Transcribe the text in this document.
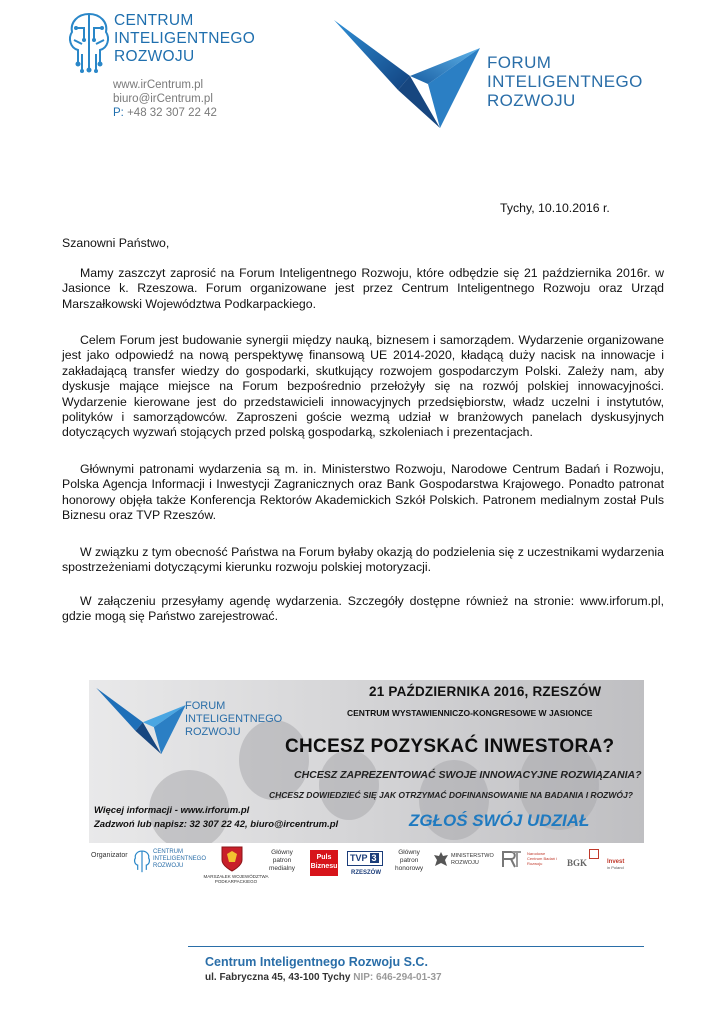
CENTRUM
INTELIGENTNEGO
ROZWOJU
www.irCentrum.pl
biuro@irCentrum.pl
P: +48 32 307 22 42
FORUM
INTELIGENTNEGO
ROZWOJU
Tychy, 10.10.2016 r.
Szanowni Państwo,
Mamy zaszczyt zaprosić na Forum Inteligentnego Rozwoju, które odbędzie się 21 października 2016r. w Jasionce k. Rzeszowa. Forum organizowane jest przez Centrum Inteligentnego Rozwoju oraz Urząd Marszałkowski Województwa Podkarpackiego.
Celem Forum jest budowanie synergii między nauką, biznesem i samorządem. Wydarzenie organizowane jest jako odpowiedź na nową perspektywę finansową UE 2014-2020, kładącą duży nacisk na innowacje i zakładającą transfer wiedzy do gospodarki, skutkujący rozwojem gospodarczym Polski. Zależy nam, aby dyskusje mające miejsce na Forum bezpośrednio przełożyły się na rozwój polskiej innowacyjności. Wydarzenie kierowane jest do przedstawicieli innowacyjnych przedsiębiorstw, władz uczelni i instytutów, polityków i samorządowców. Zaproszeni goście wezmą udział w branżowych panelach dyskusyjnych dotyczących wyzwań stojących przed polską gospodarką, szkoleniach i prezentacjach.
Głównymi patronami wydarzenia są m. in. Ministerstwo Rozwoju, Narodowe Centrum Badań i Rozwoju, Polska Agencja Informacji i Inwestycji Zagranicznych oraz Bank Gospodarstwa Krajowego. Ponadto patronat honorowy objęła także Konferencja Rektorów Akademickich Szkół Polskich. Patronem medialnym został Puls Biznesu oraz TVP Rzeszów.
W związku z tym obecność Państwa na Forum byłaby okazją do podzielenia się z uczestnikami wydarzenia spostrzeżeniami dotyczącymi kierunku rozwoju polskiej motoryzacji.
W załączeniu przesyłamy agendę wydarzenia. Szczegóły dostępne również na stronie: www.irforum.pl, gdzie mogą się Państwo zarejestrować.
FORUM
INTELIGENTNEGO
ROZWOJU
21 PAŹDZIERNIKA 2016, RZESZÓW
CENTRUM WYSTAWIENNICZO-KONGRESOWE W JASIONCE
CHCESZ POZYSKAĆ INWESTORA?
CHCESZ ZAPREZENTOWAĆ SWOJE INNOWACYJNE ROZWIĄZANIA?
CHCESZ DOWIEDZIEĆ SIĘ JAK OTRZYMAĆ DOFINANSOWANIE NA BADANIA I ROZWÓJ?
Więcej informacji - www.irforum.pl
Zadzwoń lub napisz: 32 307 22 42, biuro@ircentrum.pl	ZGŁOŚ SWÓJ UDZIAŁ
Organizator	CENTRUM
INTELIGENTNEGO
ROZWOJU
MARSZAŁEK WOJEWÓDZTWA PODKARPACKIEGO
Główny
patron
medialny
Puls
Biznesu
TVP 3
RZESZÓW
Główny
patron
honorowy
MINISTERSTWO
ROZWOJU
Narodowe Centrum Badań i Rozwoju	BGK	Invest
in Poland
Centrum Inteligentnego Rozwoju S.C.
ul. Fabryczna 45, 43-100 Tychy NIP: 646-294-01-37
